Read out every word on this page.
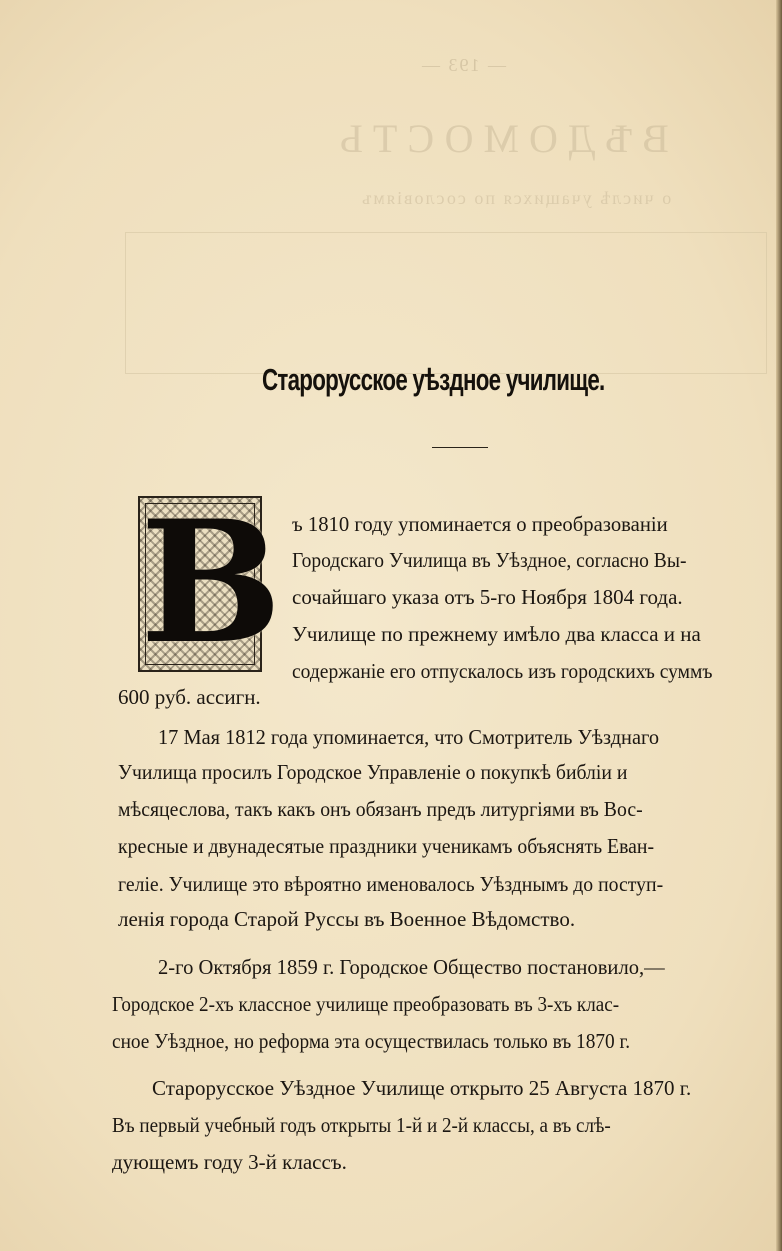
— 193 —
ВѢДОМОСТЬ
о числѣ учащихся по сословіямъ
Старорусское уѣздное училище.
В ъ 1810 году упоминается о преобразованіи
Городскаго Училища въ Уѣздное, согласно Вы-
сочайшаго указа отъ 5-го Ноября 1804 года.
Училище по прежнему имѣло два класса и на
содержаніе его отпускалось изъ городскихъ суммъ
600 руб. ассигн.
17 Мая 1812 года упоминается, что Смотритель Уѣзднаго
Училища просилъ Городское Управленіе о покупкѣ библіи и
мѣсяцеслова, такъ какъ онъ обязанъ предъ литургіями въ Вос-
кресные и двунадесятые праздники ученикамъ объяснять Еван-
геліе. Училище это вѣроятно именовалось Уѣзднымъ до поступ-
ленія города Старой Руссы въ Военное Вѣдомство.
2-го Октября 1859 г. Городское Общество постановило,—
Городское 2-хъ классное училище преобразовать въ 3-хъ клас-
сное Уѣздное, но реформа эта осуществилась только въ 1870 г.
Старорусское Уѣздное Училище открыто 25 Августа 1870 г.
Въ первый учебный годъ открыты 1-й и 2-й классы, а въ слѣ-
дующемъ году 3-й классъ.
